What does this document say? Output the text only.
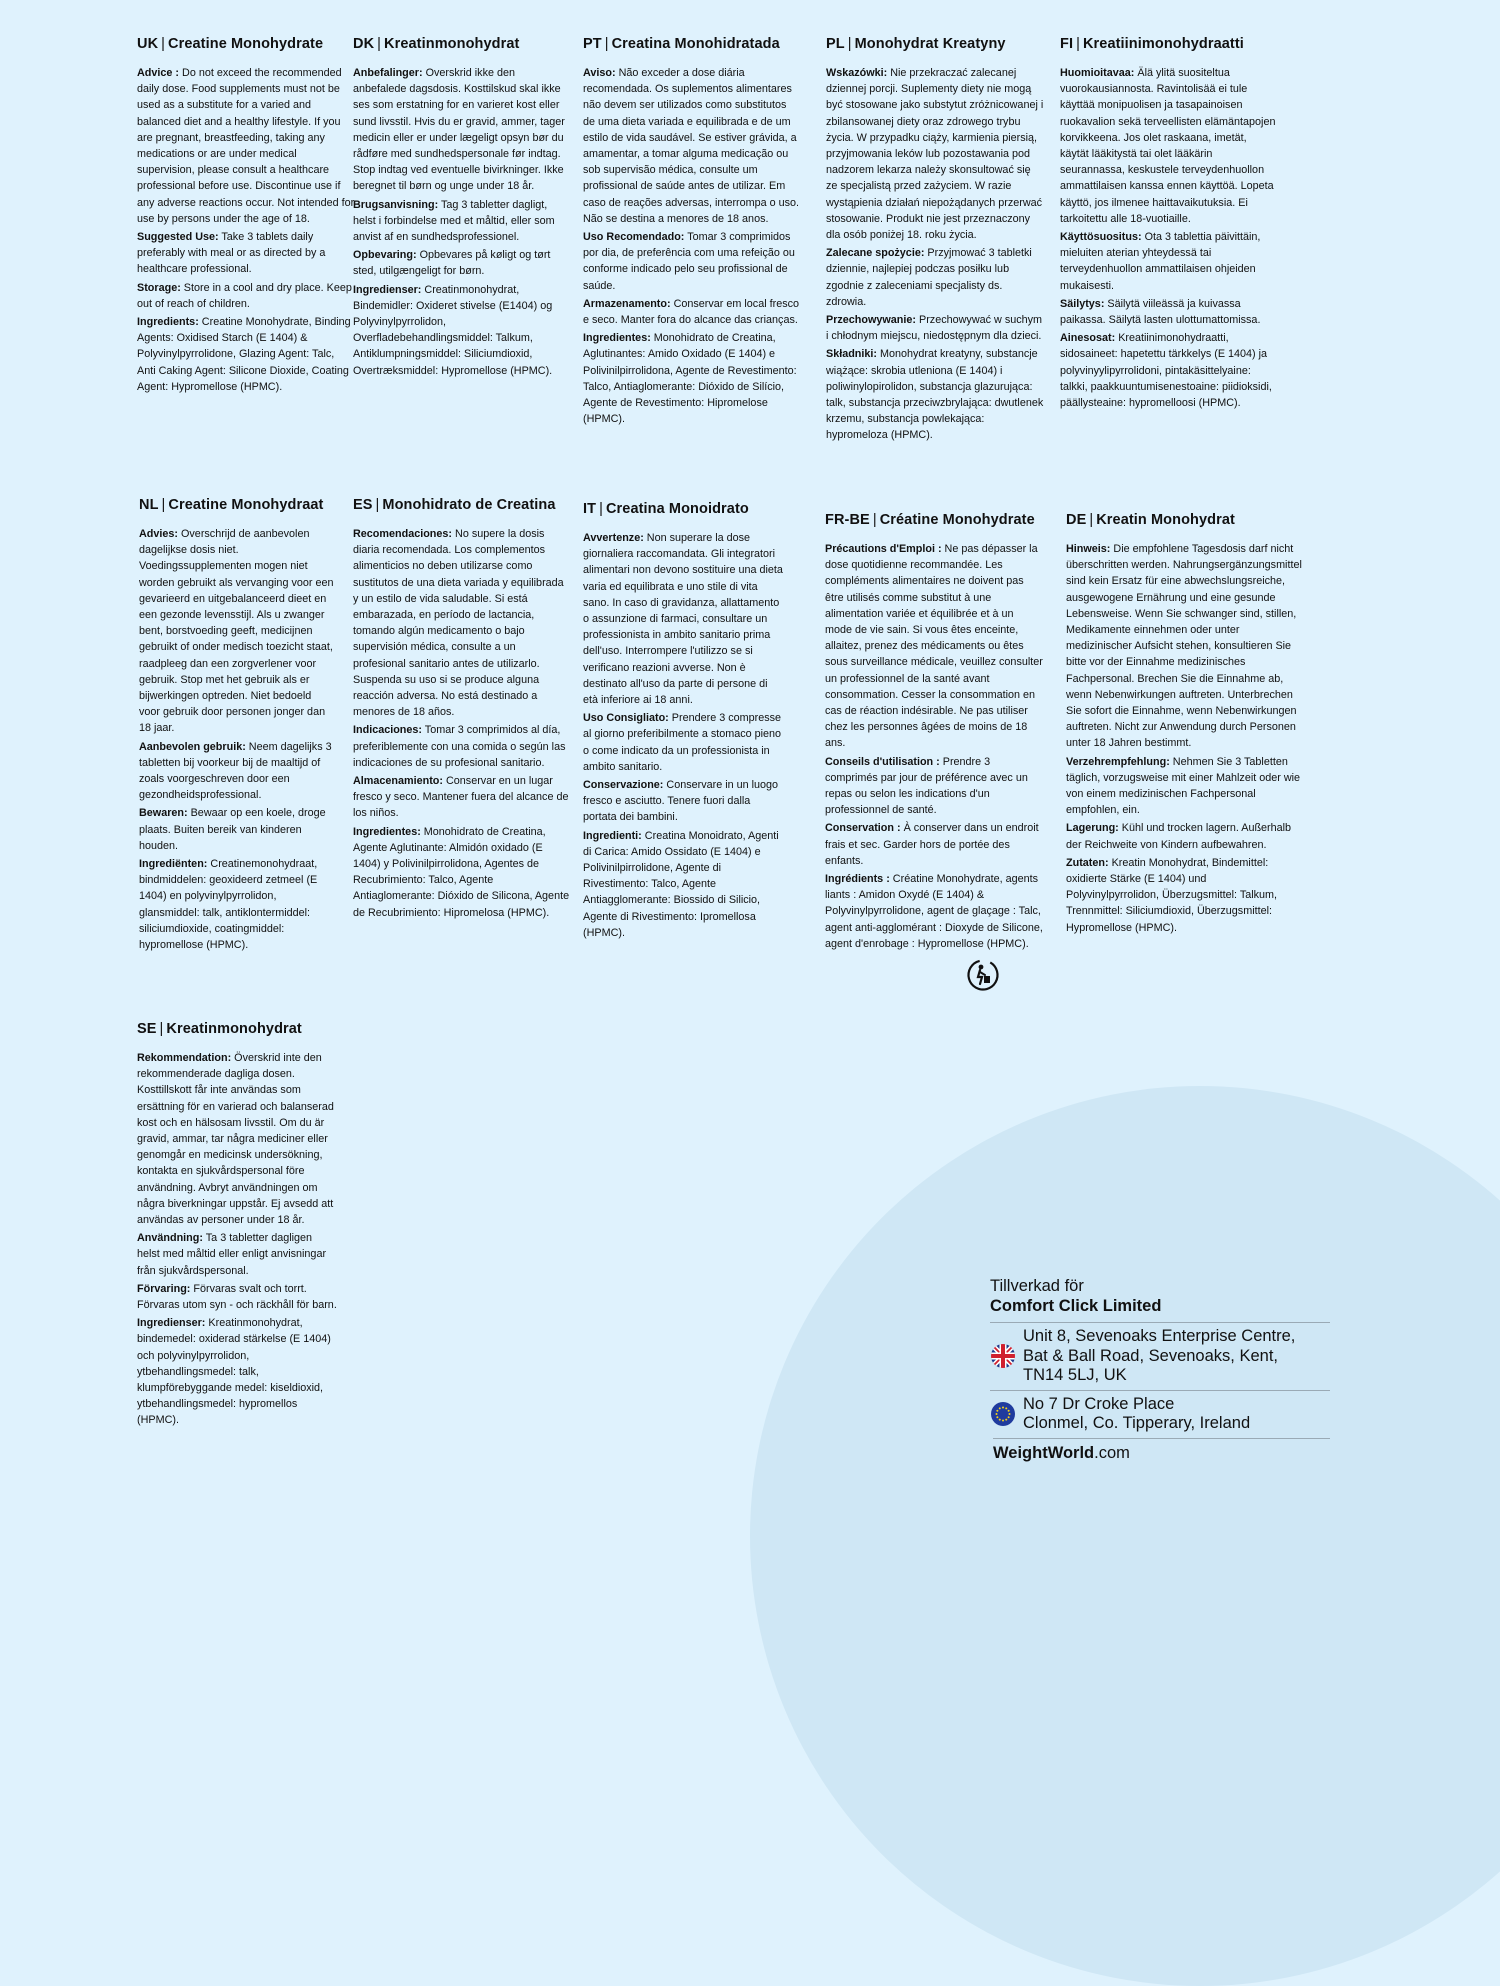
UK | Creatine Monohydrate

Advice : Do not exceed the recommended daily dose. Food supplements must not be used as a substitute for a varied and balanced diet and a healthy lifestyle. If you are pregnant, breastfeeding, taking any medications or are under medical supervision, please consult a healthcare professional before use. Discontinue use if any adverse reactions occur. Not intended for use by persons under the age of 18.

Suggested Use: Take 3 tablets daily preferably with meal or as directed by a healthcare professional.

Storage: Store in a cool and dry place. Keep out of reach of children.

Ingredients: Creatine Monohydrate, Binding Agents: Oxidised Starch (E 1404) & Polyvinylpyrrolidone, Glazing Agent: Talc, Anti Caking Agent: Silicone Dioxide, Coating Agent: Hypromellose (HPMC).

DK | Kreatinmonohydrat

Anbefalinger: Overskrid ikke den anbefalede dagsdosis. Kosttilskud skal ikke ses som erstatning for en varieret kost eller sund livsstil. Hvis du er gravid, ammer, tager medicin eller er under lægeligt opsyn bør du rådføre med sundhedspersonale før indtag. Stop indtag ved eventuelle bivirkninger. Ikke beregnet til børn og unge under 18 år.

Brugsanvisning: Tag 3 tabletter dagligt, helst i forbindelse med et måltid, eller som anvist af en sundhedsprofessionel.

Opbevaring: Opbevares på køligt og tørt sted, utilgængeligt for børn.

Ingredienser: Creatinmonohydrat, Bindemidler: Oxideret stivelse (E1404) og Polyvinylpyrrolidon, Overfladebehandlingsmiddel: Talkum, Antiklumpningsmiddel: Siliciumdioxid, Overtræksmiddel: Hypromellose (HPMC).

PT | Creatina Monohidratada

Aviso: Não exceder a dose diária recomendada. Os suplementos alimentares não devem ser utilizados como substitutos de uma dieta variada e equilibrada e de um estilo de vida saudável. Se estiver grávida, a amamentar, a tomar alguma medicação ou sob supervisão médica, consulte um profissional de saúde antes de utilizar. Em caso de reações adversas, interrompa o uso. Não se destina a menores de 18 anos.

Uso Recomendado: Tomar 3 comprimidos por dia, de preferência com uma refeição ou conforme indicado pelo seu profissional de saúde.

Armazenamento: Conservar em local fresco e seco. Manter fora do alcance das crianças.

Ingredientes: Monohidrato de Creatina, Aglutinantes: Amido Oxidado (E 1404) e Polivinilpirrolidona, Agente de Revestimento: Talco, Antiaglomerante: Dióxido de Silício, Agente de Revestimento: Hipromelose (HPMC).

PL | Monohydrat Kreatyny

Wskazówki: Nie przekraczać zalecanej dziennej porcji. Suplementy diety nie mogą być stosowane jako substytut zróżnicowanej i zbilansowanej diety oraz zdrowego trybu życia. W przypadku ciąży, karmienia piersią, przyjmowania leków lub pozostawania pod nadzorem lekarza należy skonsultować się ze specjalistą przed zażyciem. W razie wystąpienia działań niepożądanych przerwać stosowanie. Produkt nie jest przeznaczony dla osób poniżej 18. roku życia.

Zalecane spożycie: Przyjmować 3 tabletki dziennie, najlepiej podczas posiłku lub zgodnie z zaleceniami specjalisty ds. zdrowia.

Przechowywanie: Przechowywać w suchym i chłodnym miejscu, niedostępnym dla dzieci.

Składniki: Monohydrat kreatyny, substancje wiążące: skrobia utleniona (E 1404) i poliwinylopirolidon, substancja glazurująca: talk, substancja przeciwzbrylająca: dwutlenek krzemu, substancja powlekająca: hypromeloza (HPMC).

FI | Kreatiinimonohydraatti

Huomioitavaa: Älä ylitä suositeltua vuorokausiannosta. Ravintolisää ei tule käyttää monipuolisen ja tasapainoisen ruokavalion sekä terveellisten elämäntapojen korvikkeena. Jos olet raskaana, imetät, käytät lääkitystä tai olet lääkärin seurannassa, keskustele terveydenhuollon ammattilaisen kanssa ennen käyttöä. Lopeta käyttö, jos ilmenee haittavaikutuksia. Ei tarkoitettu alle 18-vuotiaille.

Käyttösuositus: Ota 3 tablettia päivittäin, mieluiten aterian yhteydessä tai terveydenhuollon ammattilaisen ohjeiden mukaisesti.

Säilytys: Säilytä viileässä ja kuivassa paikassa. Säilytä lasten ulottumattomissa.

Ainesosat: Kreatiinimonohydraatti, sidosaineet: hapetettu tärkkelys (E 1404) ja polyvinyylipyrrolidoni, pintakäsittelyaine: talkki, paakkuuntumisenestoaine: piidioksidi, päällysteaine: hypromelloosi (HPMC).

NL | Creatine Monohydraat

Advies: Overschrijd de aanbevolen dagelijkse dosis niet. Voedingssupplementen mogen niet worden gebruikt als vervanging voor een gevarieerd en uitgebalanceerd dieet en een gezonde levensstijl. Als u zwanger bent, borstvoeding geeft, medicijnen gebruikt of onder medisch toezicht staat, raadpleeg dan een zorgverlener voor gebruik. Stop met het gebruik als er bijwerkingen optreden. Niet bedoeld voor gebruik door personen jonger dan 18 jaar.

Aanbevolen gebruik: Neem dagelijks 3 tabletten bij voorkeur bij de maaltijd of zoals voorgeschreven door een gezondheidsprofessional.

Bewaren: Bewaar op een koele, droge plaats. Buiten bereik van kinderen houden.

Ingrediënten: Creatinemonohydraat, bindmiddelen: geoxideerd zetmeel (E 1404) en polyvinylpyrrolidon, glansmiddel: talk, antiklontermiddel: siliciumdioxide, coatingmiddel: hypromellose (HPMC).

ES | Monohidrato de Creatina

Recomendaciones: No supere la dosis diaria recomendada. Los complementos alimenticios no deben utilizarse como sustitutos de una dieta variada y equilibrada y un estilo de vida saludable. Si está embarazada, en período de lactancia, tomando algún medicamento o bajo supervisión médica, consulte a un profesional sanitario antes de utilizarlo. Suspenda su uso si se produce alguna reacción adversa. No está destinado a menores de 18 años.

Indicaciones: Tomar 3 comprimidos al día, preferiblemente con una comida o según las indicaciones de su profesional sanitario.

Almacenamiento: Conservar en un lugar fresco y seco. Mantener fuera del alcance de los niños.

Ingredientes: Monohidrato de Creatina, Agente Aglutinante: Almidón oxidado (E 1404) y Polivinilpirrolidona, Agentes de Recubrimiento: Talco, Agente Antiaglomerante: Dióxido de Silicona, Agente de Recubrimiento: Hipromelosa (HPMC).

IT | Creatina Monoidrato

Avvertenze: Non superare la dose giornaliera raccomandata. Gli integratori alimentari non devono sostituire una dieta varia ed equilibrata e uno stile di vita sano. In caso di gravidanza, allattamento o assunzione di farmaci, consultare un professionista in ambito sanitario prima dell'uso. Interrompere l'utilizzo se si verificano reazioni avverse. Non è destinato all'uso da parte di persone di età inferiore ai 18 anni.

Uso Consigliato: Prendere 3 compresse al giorno preferibilmente a stomaco pieno o come indicato da un professionista in ambito sanitario.

Conservazione: Conservare in un luogo fresco e asciutto. Tenere fuori dalla portata dei bambini.

Ingredienti: Creatina Monoidrato, Agenti di Carica: Amido Ossidato (E 1404) e Polivinilpirrolidone, Agente di Rivestimento: Talco, Agente Antiagglomerante: Biossido di Silicio, Agente di Rivestimento: Ipromellosa (HPMC).

FR-BE | Créatine Monohydrate

Précautions d'Emploi : Ne pas dépasser la dose quotidienne recommandée. Les compléments alimentaires ne doivent pas être utilisés comme substitut à une alimentation variée et équilibrée et à un mode de vie sain. Si vous êtes enceinte, allaitez, prenez des médicaments ou êtes sous surveillance médicale, veuillez consulter un professionnel de la santé avant consommation. Cesser la consommation en cas de réaction indésirable. Ne pas utiliser chez les personnes âgées de moins de 18 ans.

Conseils d'utilisation : Prendre 3 comprimés par jour de préférence avec un repas ou selon les indications d'un professionnel de santé.

Conservation : À conserver dans un endroit frais et sec. Garder hors de portée des enfants.

Ingrédients : Créatine Monohydrate, agents liants : Amidon Oxydé (E 1404) & Polyvinylpyrrolidone, agent de glaçage : Talc, agent anti-agglomérant : Dioxyde de Silicone, agent d'enrobage : Hypromellose (HPMC).

DE | Kreatin Monohydrat

Hinweis: Die empfohlene Tagesdosis darf nicht überschritten werden. Nahrungsergänzungsmittel sind kein Ersatz für eine abwechslungsreiche, ausgewogene Ernährung und eine gesunde Lebensweise. Wenn Sie schwanger sind, stillen, Medikamente einnehmen oder unter medizinischer Aufsicht stehen, konsultieren Sie bitte vor der Einnahme medizinisches Fachpersonal. Brechen Sie die Einnahme ab, wenn Nebenwirkungen auftreten. Unterbrechen Sie sofort die Einnahme, wenn Nebenwirkungen auftreten. Nicht zur Anwendung durch Personen unter 18 Jahren bestimmt.

Verzehrempfehlung: Nehmen Sie 3 Tabletten täglich, vorzugsweise mit einer Mahlzeit oder wie von einem medizinischen Fachpersonal empfohlen, ein.

Lagerung: Kühl und trocken lagern. Außerhalb der Reichweite von Kindern aufbewahren.

Zutaten: Kreatin Monohydrat, Bindemittel: oxidierte Stärke (E 1404) und Polyvinylpyrrolidon, Überzugsmittel: Talkum, Trennmittel: Siliciumdioxid, Überzugsmittel: Hypromellose (HPMC).

SE | Kreatinmonohydrat

Rekommendation: Överskrid inte den rekommenderade dagliga dosen. Kosttillskott får inte användas som ersättning för en varierad och balanserad kost och en hälsosam livsstil. Om du är gravid, ammar, tar några mediciner eller genomgår en medicinsk undersökning, kontakta en sjukvårdspersonal före användning. Avbryt användningen om några biverkningar uppstår. Ej avsedd att användas av personer under 18 år.

Användning: Ta 3 tabletter dagligen helst med måltid eller enligt anvisningar från sjukvårdspersonal.

Förvaring: Förvaras svalt och torrt. Förvaras utom syn - och räckhåll för barn.

Ingredienser: Kreatinmonohydrat, bindemedel: oxiderad stärkelse (E 1404) och polyvinylpyrrolidon, ytbehandlingsmedel: talk, klumpförebyggande medel: kiseldioxid, ytbehandlingsmedel: hypromellos (HPMC).

Tillverkad för
Comfort Click Limited
Unit 8, Sevenoaks Enterprise Centre,
Bat & Ball Road, Sevenoaks, Kent,
TN14 5LJ, UK
No 7 Dr Croke Place
Clonmel, Co. Tipperary, Ireland
WeightWorld.com
